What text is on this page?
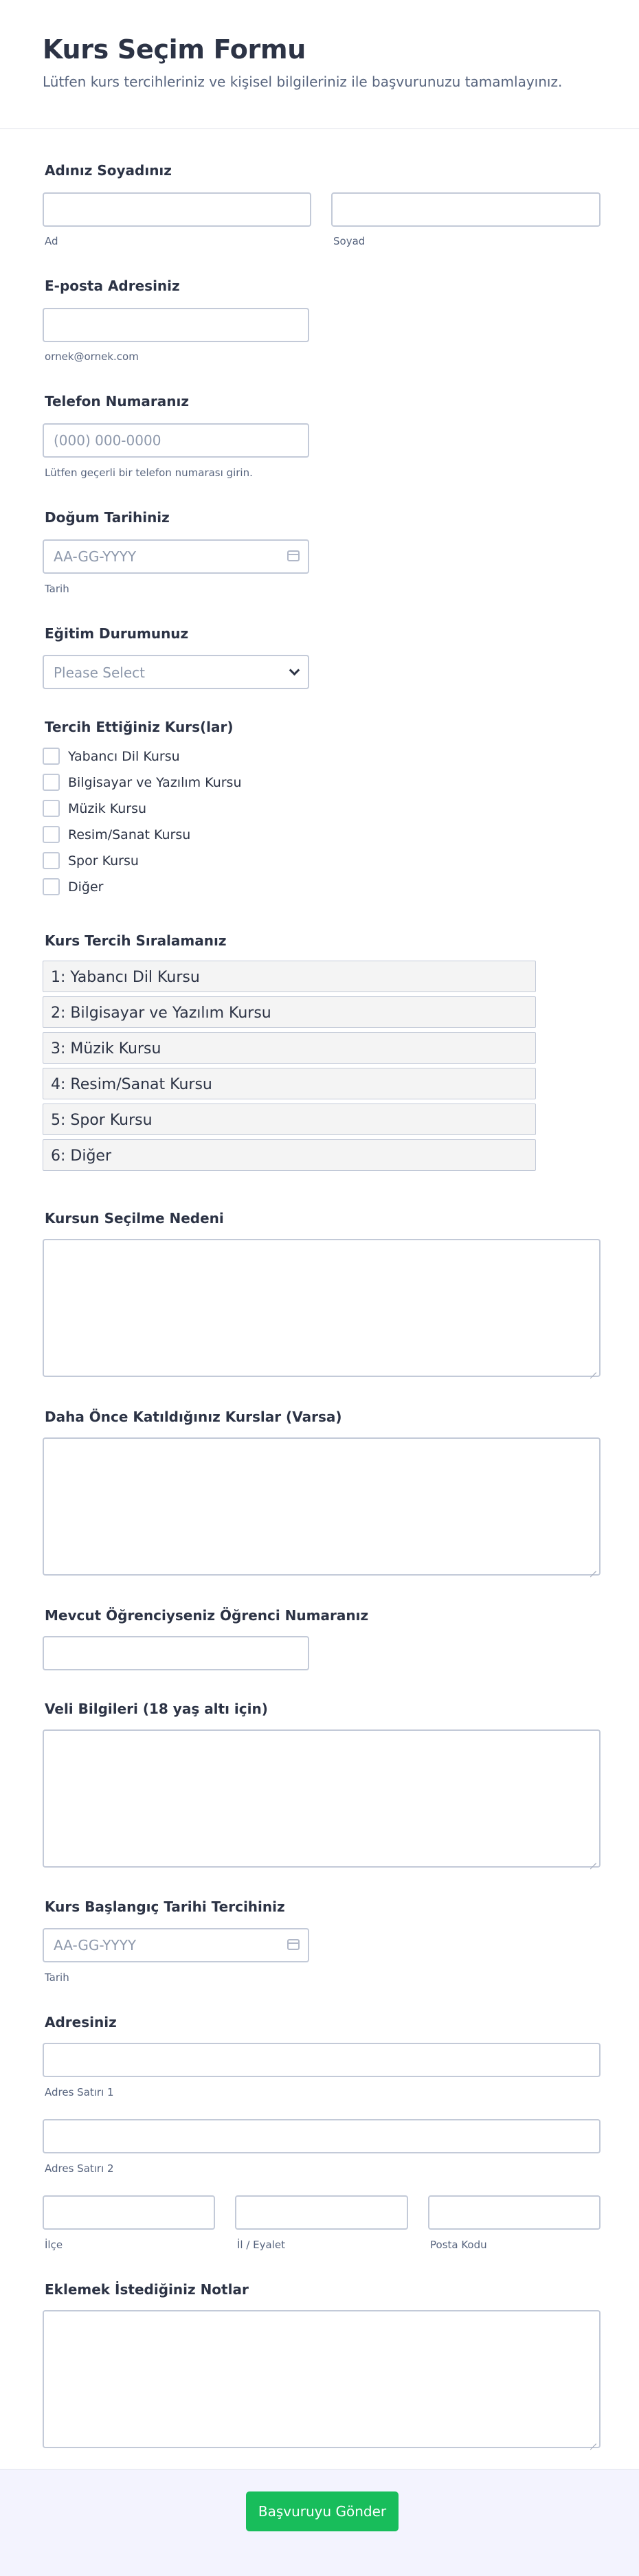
Kurs Seçim Formu
Lütfen kurs tercihleriniz ve kişisel bilgileriniz ile başvurunuzu tamamlayınız.
Adınız Soyadınız
Ad	Soyad
E-posta Adresiniz
ornek@ornek.com
Telefon Numaranız
(000) 000-0000
Lütfen geçerli bir telefon numarası girin.
Doğum Tarihiniz
AA-GG-YYYY
Tarih
Eğitim Durumunuz
Please Select
Tercih Ettiğiniz Kurs(lar)
Yabancı Dil Kursu
Bilgisayar ve Yazılım Kursu
Müzik Kursu
Resim/Sanat Kursu
Spor Kursu
Diğer
Kurs Tercih Sıralamanız
1: Yabancı Dil Kursu
2: Bilgisayar ve Yazılım Kursu
3: Müzik Kursu
4: Resim/Sanat Kursu
5: Spor Kursu
6: Diğer
Kursun Seçilme Nedeni
Daha Önce Katıldığınız Kurslar (Varsa)
Mevcut Öğrenciyseniz Öğrenci Numaranız
Veli Bilgileri (18 yaş altı için)
Kurs Başlangıç Tarihi Tercihiniz
AA-GG-YYYY
Tarih
Adresiniz
Adres Satırı 1
Adres Satırı 2
İlçe	İl / Eyalet	Posta Kodu
Eklemek İstediğiniz Notlar
Başvuruyu Gönder
